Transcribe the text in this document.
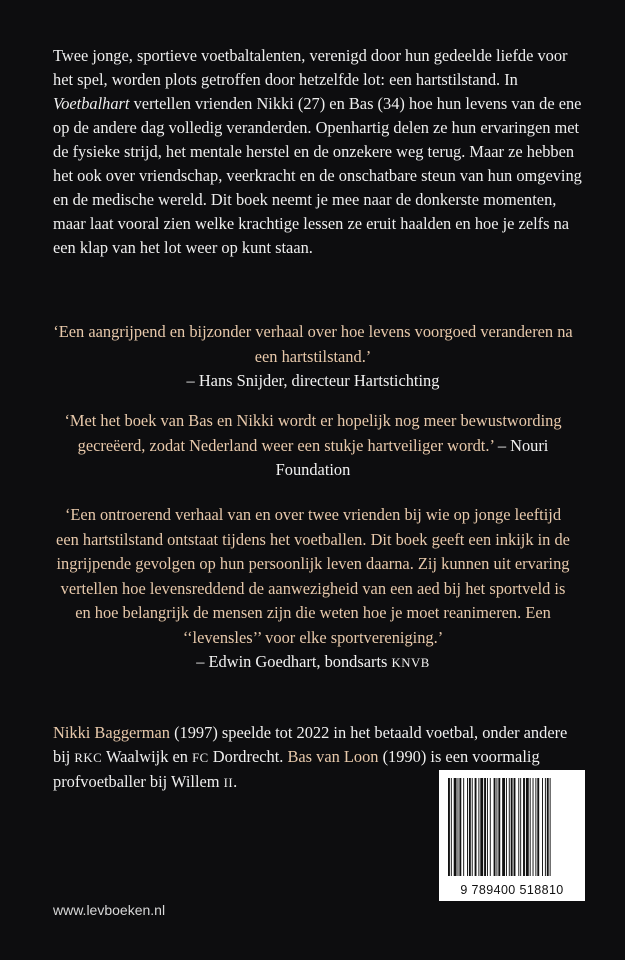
Twee jonge, sportieve voetbaltalenten, verenigd door hun gedeelde liefde voor het spel, worden plots getroffen door hetzelfde lot: een hartstilstand. In Voetbalhart vertellen vrienden Nikki (27) en Bas (34) hoe hun levens van de ene op de andere dag volledig veranderden. Openhartig delen ze hun ervaringen met de fysieke strijd, het mentale herstel en de onzekere weg terug. Maar ze hebben het ook over vriendschap, veerkracht en de onschatbare steun van hun omgeving en de medische wereld. Dit boek neemt je mee naar de donkerste momenten, maar laat vooral zien welke krachtige lessen ze eruit haalden en hoe je zelfs na een klap van het lot weer op kunt staan.

‘Een aangrijpend en bijzonder verhaal over hoe levens voorgoed veranderen na een hartstilstand.’
– Hans Snijder, directeur Hartstichting

‘Met het boek van Bas en Nikki wordt er hopelijk nog meer bewustwording gecreëerd, zodat Nederland weer een stukje hartveiliger wordt.’ – Nouri Foundation

‘Een ontroerend verhaal van en over twee vrienden bij wie op jonge leeftijd een hartstilstand ontstaat tijdens het voetballen. Dit boek geeft een inkijk in de ingrijpende gevolgen op hun persoonlijk leven daarna. Zij kunnen uit ervaring vertellen hoe levensreddend de aanwezigheid van een aed bij het sportveld is en hoe belangrijk de mensen zijn die weten hoe je moet reanimeren. Een ‘‘levensles’’ voor elke sportvereniging.’
– Edwin Goedhart, bondsarts KNVB

Nikki Baggerman (1997) speelde tot 2022 in het betaald voetbal, onder andere bij RKC Waalwijk en FC Dordrecht. Bas van Loon (1990) is een voormalig profvoetballer bij Willem II.

9 789400 518810
www.levboeken.nl
